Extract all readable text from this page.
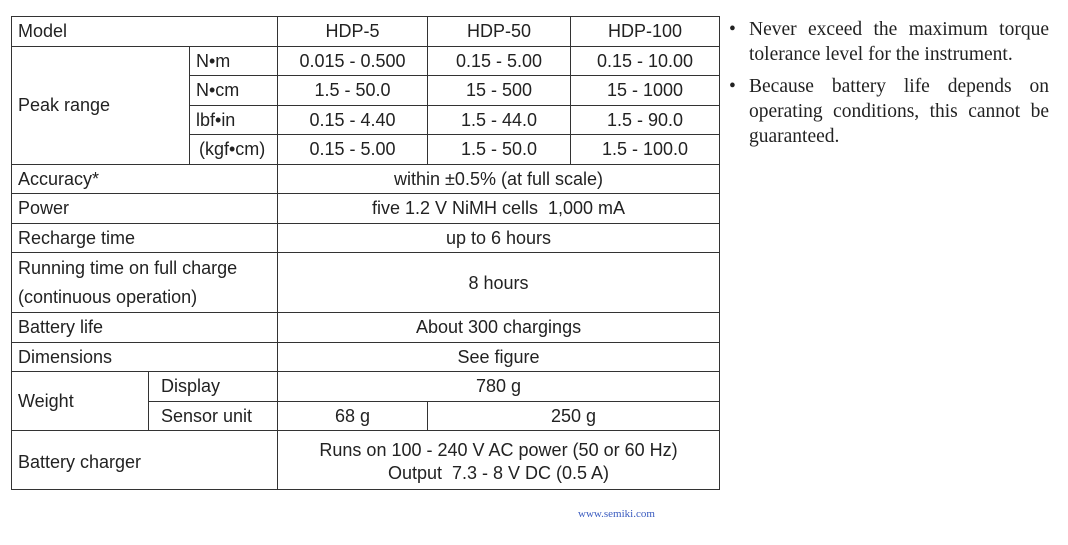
Model			HDP-5	HDP-50	HDP-100
Peak range		N•m	0.015 - 0.500	0.15 - 5.00	0.15 - 10.00
		N•cm	1.5 - 50.0	15 - 500	15 - 1000
		lbf•in	0.15 - 4.40	1.5 - 44.0	1.5 - 90.0
		(kgf•cm)	0.15 - 5.00	1.5 - 50.0	1.5 - 100.0
Accuracy*			within ±0.5% (at full scale)		
Power			five 1.2 V NiMH cells  1,000 mA		
Recharge time			up to 6 hours		

Running time on full charge
(continuous operation)			8 hours		
Battery life			About 300 chargings		
Dimensions			See figure		
Weight	Display		780 g		
	Sensor unit		68 g	250 g	
Battery charger			Runs on 100 - 240 V AC power (50 or 60 Hz)
Output  7.3 - 8 V DC (0.5 A)		
• Never exceed the maximum torque tolerance level for the instrument.
• Because battery life depends on operating conditions, this cannot be guaranteed.
www.semiki.com
